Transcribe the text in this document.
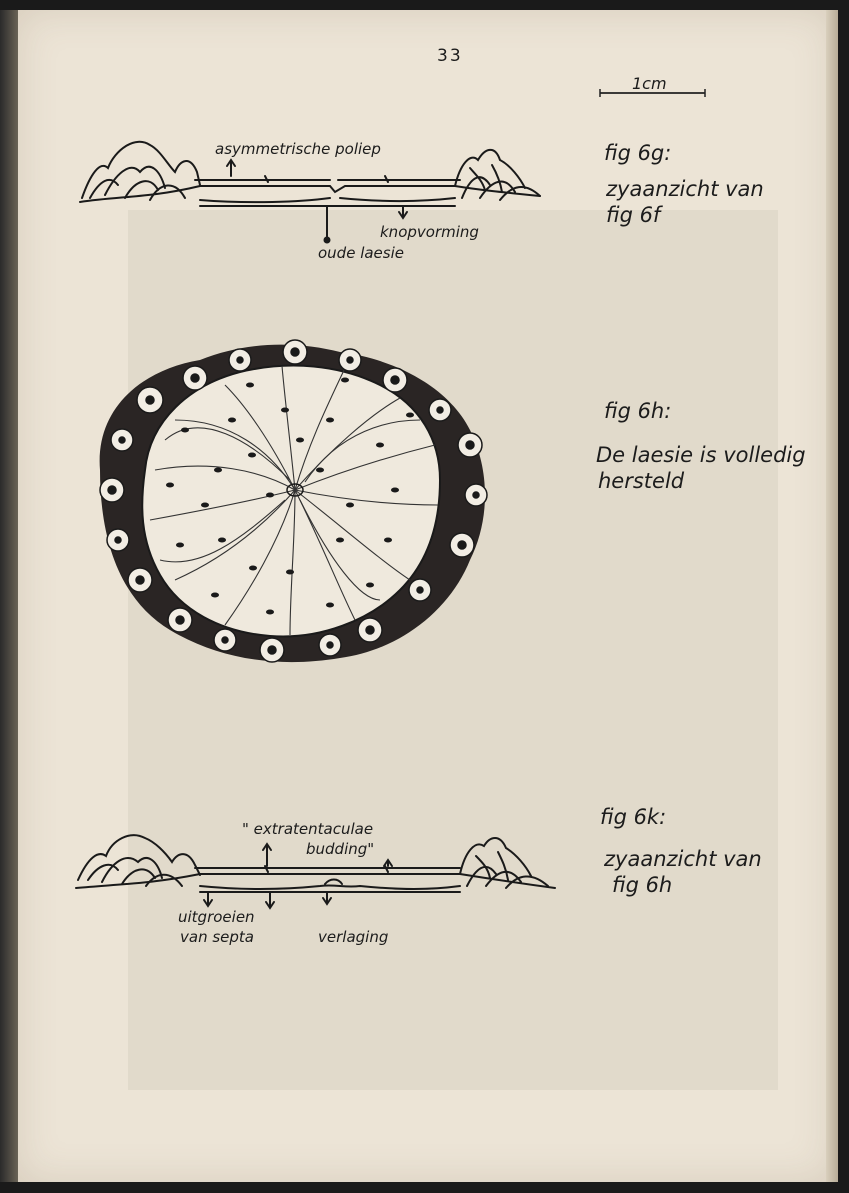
33
1cm
asymmetrische poliep
oude laesie
knopvorming
fig 6g:
zyaanzicht van
fig 6f
fig 6h:
De laesie is volledig
hersteld
fig 6k:
zyaanzicht van
fig 6h
" extratentaculae
budding"
uitgroeien
van septa	verlaging
